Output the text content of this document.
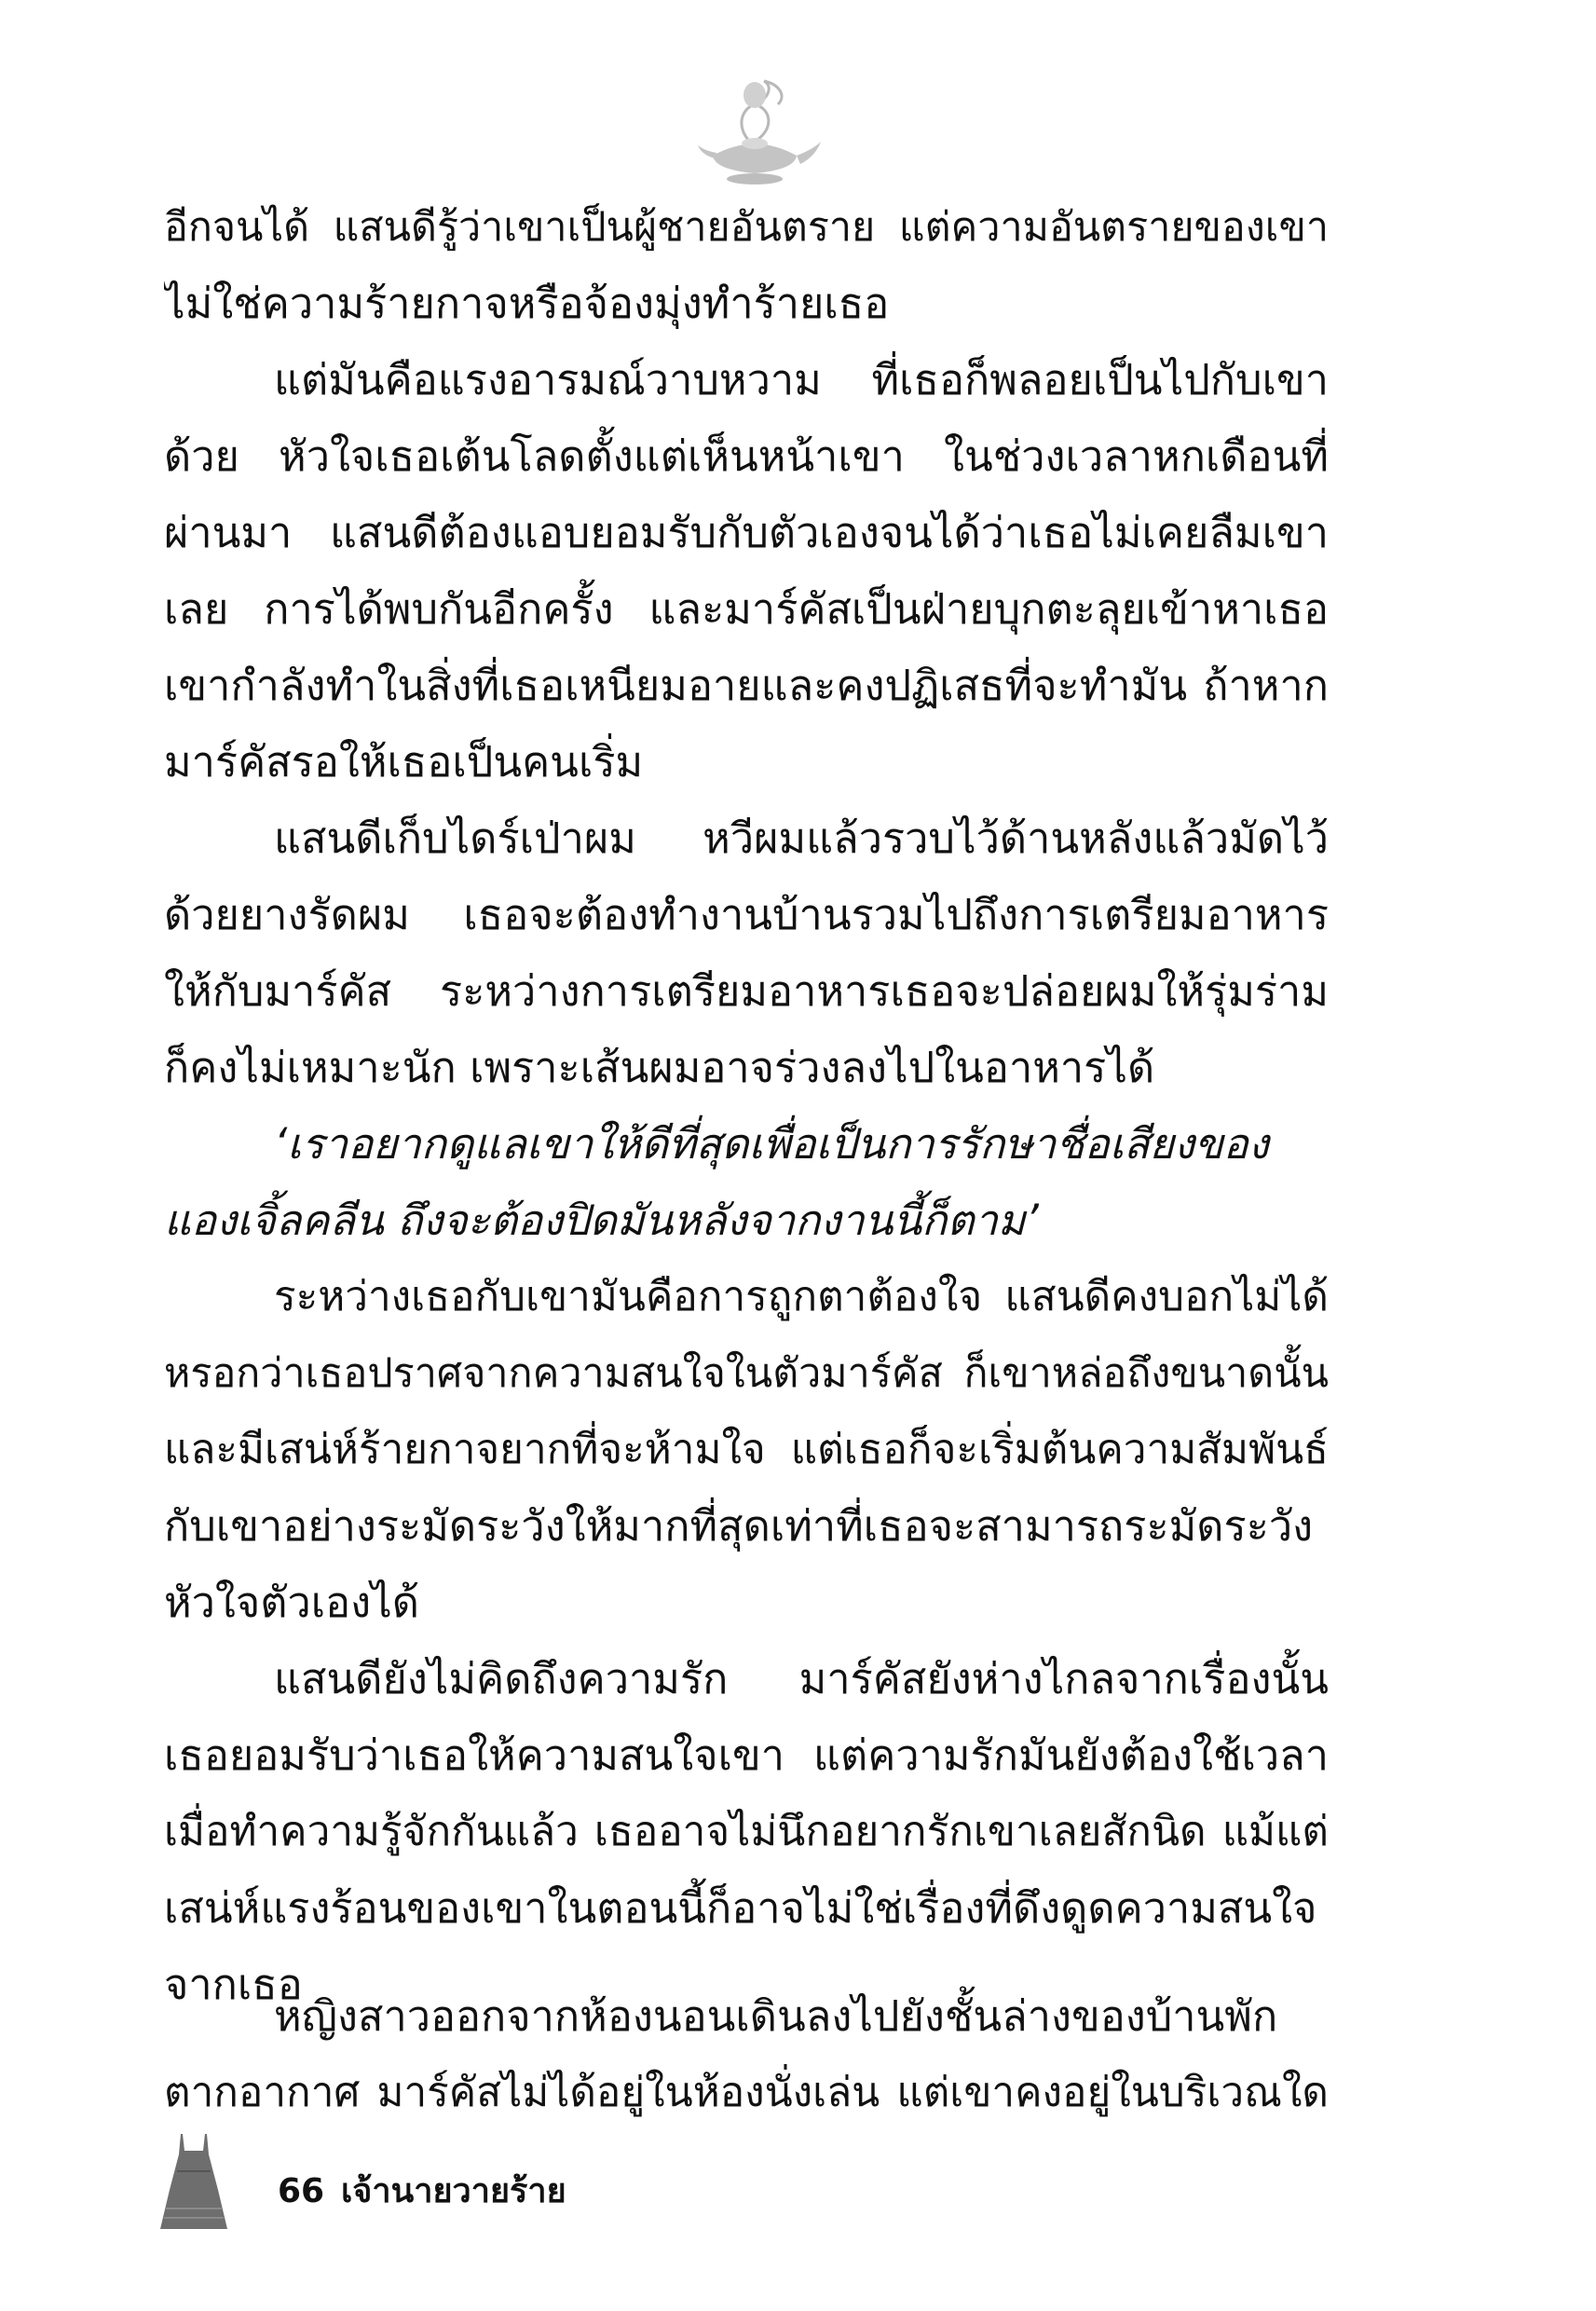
อีกจนได้ แสนดีรู้ว่าเขาเป็นผู้ชายอันตราย แต่ความอันตรายของเขา
ไม่ใช่ความร้ายกาจหรือจ้องมุ่งทำร้ายเธอ
แต่มันคือแรงอารมณ์วาบหวาม ที่เธอก็พลอยเป็นไปกับเขา
ด้วย หัวใจเธอเต้นโลดตั้งแต่เห็นหน้าเขา ในช่วงเวลาหกเดือนที่
ผ่านมา แสนดีต้องแอบยอมรับกับตัวเองจนได้ว่าเธอไม่เคยลืมเขา
เลย การได้พบกันอีกครั้ง และมาร์คัสเป็นฝ่ายบุกตะลุยเข้าหาเธอ
เขากำลังทำในสิ่งที่เธอเหนียมอายและคงปฏิเสธที่จะทำมัน ถ้าหาก
มาร์คัสรอให้เธอเป็นคนเริ่ม
แสนดีเก็บไดร์เป่าผม หวีผมแล้วรวบไว้ด้านหลังแล้วมัดไว้
ด้วยยางรัดผม เธอจะต้องทำงานบ้านรวมไปถึงการเตรียมอาหาร
ให้กับมาร์คัส ระหว่างการเตรียมอาหารเธอจะปล่อยผมให้รุ่มร่าม
ก็คงไม่เหมาะนัก เพราะเส้นผมอาจร่วงลงไปในอาหารได้
‘เราอยากดูแลเขาให้ดีที่สุดเพื่อเป็นการรักษาชื่อเสียงของ
แองเจิ้ลคลีน ถึงจะต้องปิดมันหลังจากงานนี้ก็ตาม’
ระหว่างเธอกับเขามันคือการถูกตาต้องใจ แสนดีคงบอกไม่ได้
หรอกว่าเธอปราศจากความสนใจในตัวมาร์คัส ก็เขาหล่อถึงขนาดนั้น
และมีเสน่ห์ร้ายกาจยากที่จะห้ามใจ แต่เธอก็จะเริ่มต้นความสัมพันธ์
กับเขาอย่างระมัดระวังให้มากที่สุดเท่าที่เธอจะสามารถระมัดระวัง
หัวใจตัวเองได้
แสนดียังไม่คิดถึงความรัก มาร์คัสยังห่างไกลจากเรื่องนั้น
เธอยอมรับว่าเธอให้ความสนใจเขา แต่ความรักมันยังต้องใช้เวลา
เมื่อทำความรู้จักกันแล้ว เธออาจไม่นึกอยากรักเขาเลยสักนิด แม้แต่
เสน่ห์แรงร้อนของเขาในตอนนี้ก็อาจไม่ใช่เรื่องที่ดึงดูดความสนใจ
จากเธอ
หญิงสาวออกจากห้องนอนเดินลงไปยังชั้นล่างของบ้านพัก
ตากอากาศ มาร์คัสไม่ได้อยู่ในห้องนั่งเล่น แต่เขาคงอยู่ในบริเวณใด
66 เจ้านายวายร้าย
